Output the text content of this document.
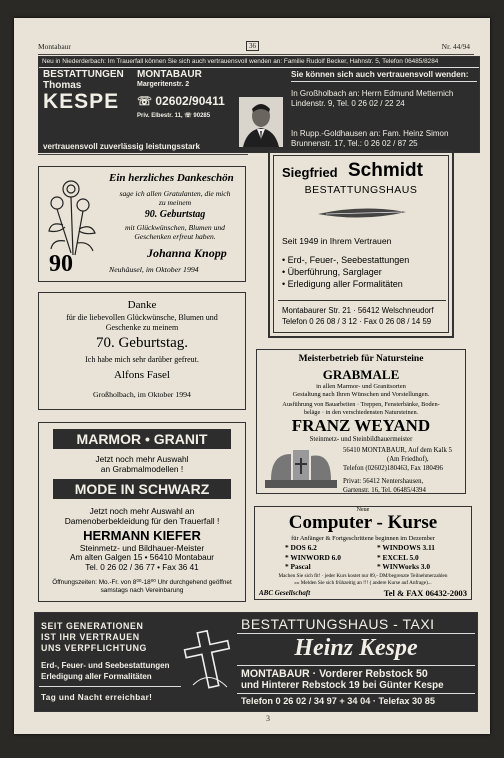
Montabaur	36	Nr. 44/94
Neu in Niederderbach: Im Trauerfall können Sie sich auch vertrauensvoll wenden an: Familie Rudolf Becker, Hahnstr. 5, Telefon 06485/8284
BESTATTUNGEN
Thomas
KESPE
MONTABAUR
Margeritenstr. 2
☏ 02602/90411
Priv. Elbestr. 11, ☏ 90285
vertrauensvoll zuverlässig leistungsstark
Sie können sich auch vertrauensvoll wenden:
In Großholbach an: Herrn Edmund Metternich Lindenstr. 9, Tel. 0 26 02 / 22 24
In Rupp.-Goldhausen an: Fam. Heinz Simon Brunnenstr. 17, Tel.: 0 26 02 / 87 25
Ein herzliches Dankeschön
sage ich allen Gratulanten, die mich
zu meinem
90. Geburtstag
mit Glückwünschen, Blumen und
Geschenken erfreut haben.
90	Johanna Knopp
Neuhäusel, im Oktober 1994
Siegfried Schmidt
BESTATTUNGSHAUS
Seit 1949 in Ihrem Vertrauen
• Erd-, Feuer-, Seebestattungen
• Überführung, Sarglager
• Erledigung aller Formalitäten
Montabaurer Str. 21 · 56412 Welschneudorf
Telefon 0 26 08 / 3 12 · Fax 0 26 08 / 14 59
Danke
für die liebevollen Glückwünsche, Blumen und
Geschenke zu meinem
70. Geburtstag.
Ich habe mich sehr darüber gefreut.
Alfons Fasel
Großholbach, im Oktober 1994
Meisterbetrieb für Natursteine
GRABMALE
in allen Marmor- und Granitsorten
Gestaltung nach Ihren Wünschen und Vorstellungen.
Ausführung von Bauarbeiten · Treppen, Fensterbänke, Boden-
beläge · in den verschiedensten Natursteinen.
FRANZ WEYAND
Steinmetz- und Steinbildhauermeister
56410 MONTABAUR, Auf dem Kalk 5
(Am Friedhof),
Telefon (02602)180463, Fax 180496
Privat: 56412 Nentershausen,
Gartenstr. 16, Tel. 06485/4394
MARMOR • GRANIT
Jetzt noch mehr Auswahl
an Grabmalmodellen !
MODE IN SCHWARZ
Jetzt noch mehr Auswahl an
Damenoberbekleidung für den Trauerfall !
HERMANN KIEFER
Steinmetz- und Bildhauer-Meister
Am alten Galgen 15 • 56410 Montabaur
Tel. 0 26 02 / 36 77 • Fax 36 41
Öffnungszeiten: Mo.-Fr. von 8⁰⁰-18⁰⁰ Uhr durchgehend geöffnet
samstags nach Vereinbarung
Neue
Computer - Kurse
für Anfänger & Fortgeschrittene beginnen im Dezember
* DOS 6.2
* WINWORD 6.0
* Pascal
* WINDOWS 3.11
* EXCEL 5.0
* WINWorks 3.0
Machen Sie sich fit! · jeder Kurs kostet nur 89,- DM/begrenzte Teilnehmerzahlen
»» Melden Sie sich frühzeitig an !!! ( andere Kurse auf Anfrage)...
ABC Gesellschaft	Tel & FAX 06432-2003
SEIT GENERATIONEN
IST IHR VERTRAUEN
UNS VERPFLICHTUNG
Erd-, Feuer- und Seebestattungen
Erledigung aller Formalitäten
Tag und Nacht erreichbar!
BESTATTUNGSHAUS - TAXI
Heinz Kespe
MONTABAUR · Vorderer Rebstock 50
und Hinterer Rebstock 19 bei Günter Kespe
Telefon 0 26 02 / 34 97 + 34 04 · Telefax 30 85
3
